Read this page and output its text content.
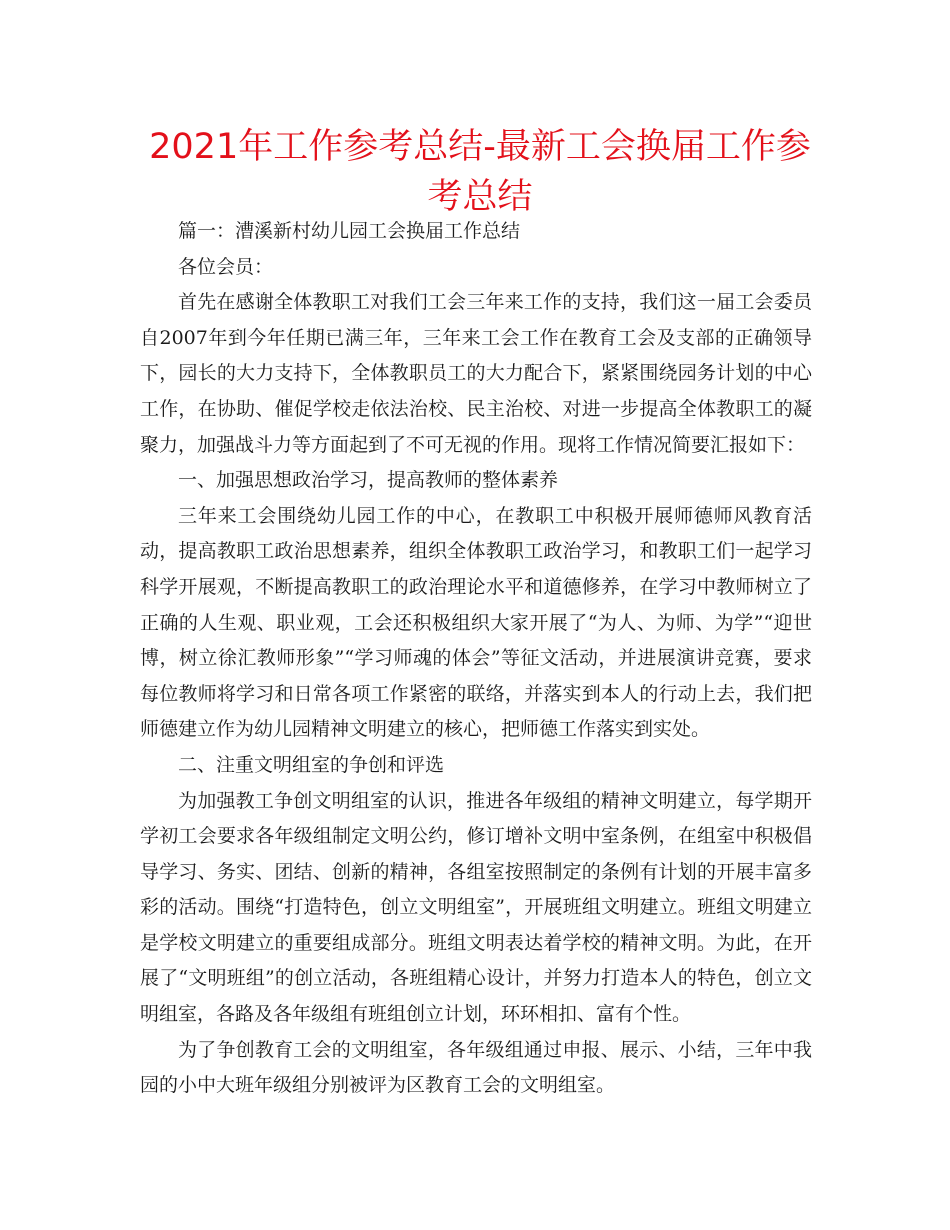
2021年工作参考总结-最新工会换届工作参考总结

篇一：漕溪新村幼儿园工会换届工作总结

各位会员：

首先在感谢全体教职工对我们工会三年来工作的支持，我们这一届工会委员自2007年到今年任期已满三年，三年来工会工作在教育工会及支部的正确领导下，园长的大力支持下，全体教职员工的大力配合下，紧紧围绕园务计划的中心工作，在协助、催促学校走依法治校、民主治校、对进一步提高全体教职工的凝聚力，加强战斗力等方面起到了不可无视的作用。现将工作情况简要汇报如下：

一、加强思想政治学习，提高教师的整体素养

三年来工会围绕幼儿园工作的中心，在教职工中积极开展师德师风教育活动，提高教职工政治思想素养，组织全体教职工政治学习，和教职工们一起学习科学开展观，不断提高教职工的政治理论水平和道德修养，在学习中教师树立了正确的人生观、职业观，工会还积极组织大家开展了“为人、为师、为学”“迎世博，树立徐汇教师形象”“学习师魂的体会”等征文活动，并进展演讲竞赛，要求每位教师将学习和日常各项工作紧密的联络，并落实到本人的行动上去，我们把师德建立作为幼儿园精神文明建立的核心，把师德工作落实到实处。

二、注重文明组室的争创和评选

为加强教工争创文明组室的认识，推进各年级组的精神文明建立，每学期开学初工会要求各年级组制定文明公约，修订增补文明中室条例，在组室中积极倡导学习、务实、团结、创新的精神，各组室按照制定的条例有计划的开展丰富多彩的活动。围绕“打造特色，创立文明组室”，开展班组文明建立。班组文明建立是学校文明建立的重要组成部分。班组文明表达着学校的精神文明。为此，在开展了“文明班组”的创立活动，各班组精心设计，并努力打造本人的特色，创立文明组室，各路及各年级组有班组创立计划，环环相扣、富有个性。

为了争创教育工会的文明组室，各年级组通过申报、展示、小结，三年中我园的小中大班年级组分别被评为区教育工会的文明组室。
